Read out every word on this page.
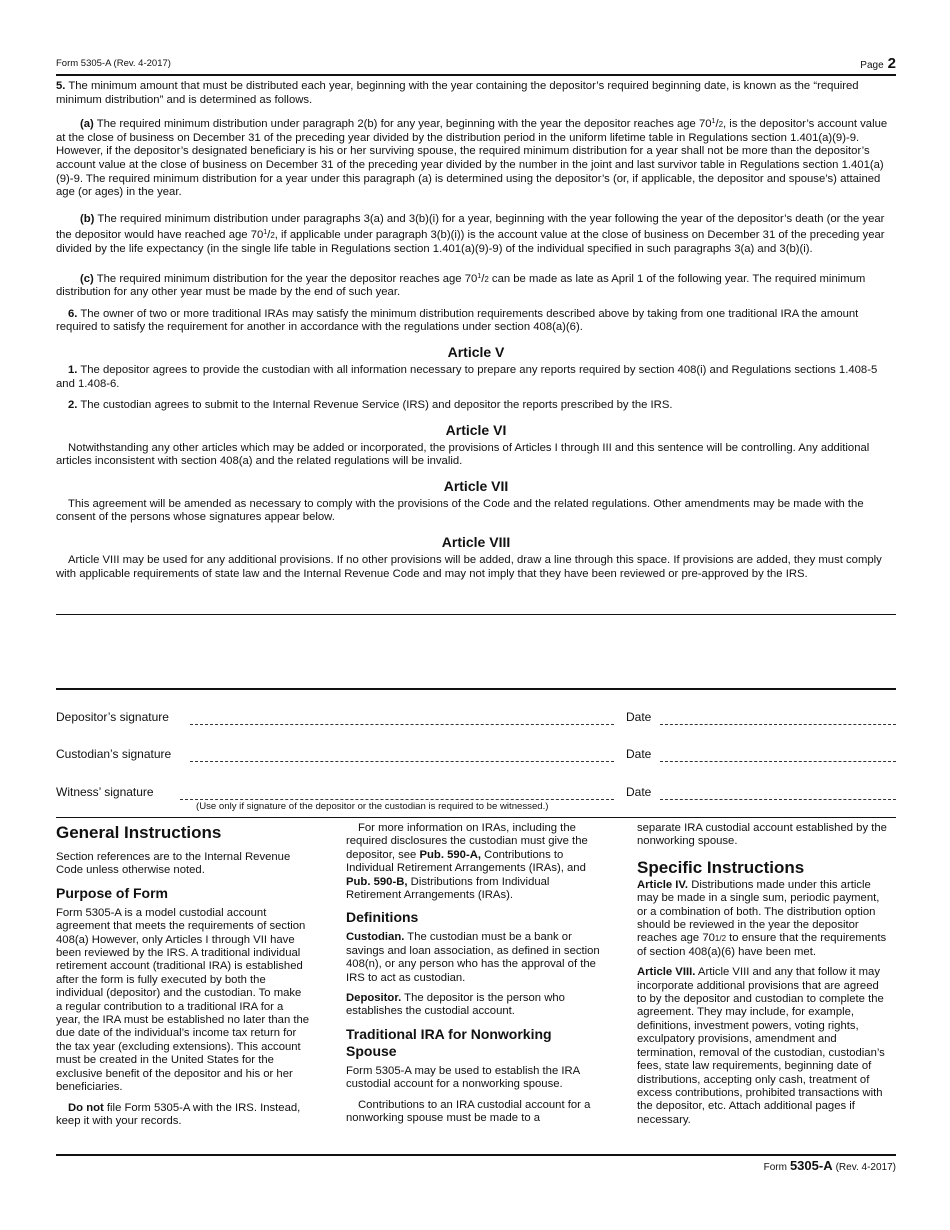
Form 5305-A (Rev. 4-2017)	Page 2

5. The minimum amount that must be distributed each year, beginning with the year containing the depositor’s required beginning date, is known as the “required minimum distribution” and is determined as follows.

(a) The required minimum distribution under paragraph 2(b) for any year, beginning with the year the depositor reaches age $70^1/2$, is the depositor’s account value at the close of business on December 31 of the preceding year divided by the distribution period in the uniform lifetime table in Regulations section 1.401(a)(9)-9. However, if the depositor’s designated beneficiary is his or her surviving spouse, the required minimum distribution for a year shall not be more than the depositor’s account value at the close of business on December 31 of the preceding year divided by the number in the joint and last survivor table in Regulations section 1.401(a)(9)-9. The required minimum distribution for a year under this paragraph (a) is determined using the depositor’s (or, if applicable, the depositor and spouse’s) attained age (or ages) in the year.

(b) The required minimum distribution under paragraphs 3(a) and 3(b)(i) for a year, beginning with the year following the year of the depositor’s death (or the year the depositor would have reached age $70^1/2$, if applicable under paragraph 3(b)(i)) is the account value at the close of business on December 31 of the preceding year divided by the life expectancy (in the single life table in Regulations section 1.401(a)(9)-9) of the individual specified in such paragraphs 3(a) and 3(b)(i).

(c) The required minimum distribution for the year the depositor reaches age $70^1/2$ can be made as late as April 1 of the following year. The required minimum distribution for any other year must be made by the end of such year.

6. The owner of two or more traditional IRAs may satisfy the minimum distribution requirements described above by taking from one traditional IRA the amount required to satisfy the requirement for another in accordance with the regulations under section 408(a)(6).

Article V

1. The depositor agrees to provide the custodian with all information necessary to prepare any reports required by section 408(i) and Regulations sections 1.408-5 and 1.408-6.

2. The custodian agrees to submit to the Internal Revenue Service (IRS) and depositor the reports prescribed by the IRS.

Article VI

Notwithstanding any other articles which may be added or incorporated, the provisions of Articles I through III and this sentence will be controlling. Any additional articles inconsistent with section 408(a) and the related regulations will be invalid.

Article VII

This agreement will be amended as necessary to comply with the provisions of the Code and the related regulations. Other amendments may be made with the consent of the persons whose signatures appear below.

Article VIII

Article VIII may be used for any additional provisions. If no other provisions will be added, draw a line through this space. If provisions are added, they must comply with applicable requirements of state law and the Internal Revenue Code and may not imply that they have been reviewed or pre-approved by the IRS.

Depositor’s signature	Date
Custodian’s signature	Date
Witness’ signature	Date
(Use only if signature of the depositor or the custodian is required to be witnessed.)
General Instructions

Section references are to the Internal Revenue Code unless otherwise noted.

Purpose of Form

Form 5305-A is a model custodial account agreement that meets the requirements of section 408(a) However, only Articles I through VII have been reviewed by the IRS. A traditional individual retirement account (traditional IRA) is established after the form is fully executed by both the individual (depositor) and the custodian. To make a regular contribution to a traditional IRA for a year, the IRA must be established no later than the due date of the individual’s income tax return for the tax year (excluding extensions). This account must be created in the United States for the exclusive benefit of the depositor and his or her beneficiaries.

Do not file Form 5305-A with the IRS. Instead, keep it with your records.

For more information on IRAs, including the required disclosures the custodian must give the depositor, see Pub. 590-A, Contributions to Individual Retirement Arrangements (IRAs), and Pub. 590-B, Distributions from Individual Retirement Arrangements (IRAs).

Definitions

Custodian. The custodian must be a bank or savings and loan association, as defined in section 408(n), or any person who has the approval of the IRS to act as custodian.

Depositor. The depositor is the person who establishes the custodial account.

Traditional IRA for Nonworking Spouse

Form 5305-A may be used to establish the IRA custodial account for a nonworking spouse.

Contributions to an IRA custodial account for a nonworking spouse must be made to a

separate IRA custodial account established by the nonworking spouse.

Specific Instructions

Article IV. Distributions made under this article may be made in a single sum, periodic payment, or a combination of both. The distribution option should be reviewed in the year the depositor reaches age 701/2 to ensure that the requirements of section 408(a)(6) have been met.

Article VIII. Article VIII and any that follow it may incorporate additional provisions that are agreed to by the depositor and custodian to complete the agreement. They may include, for example, definitions, investment powers, voting rights, exculpatory provisions, amendment and termination, removal of the custodian, custodian’s fees, state law requirements, beginning date of distributions, accepting only cash, treatment of excess contributions, prohibited transactions with the depositor, etc. Attach additional pages if necessary.

Form 5305-A (Rev. 4-2017)
